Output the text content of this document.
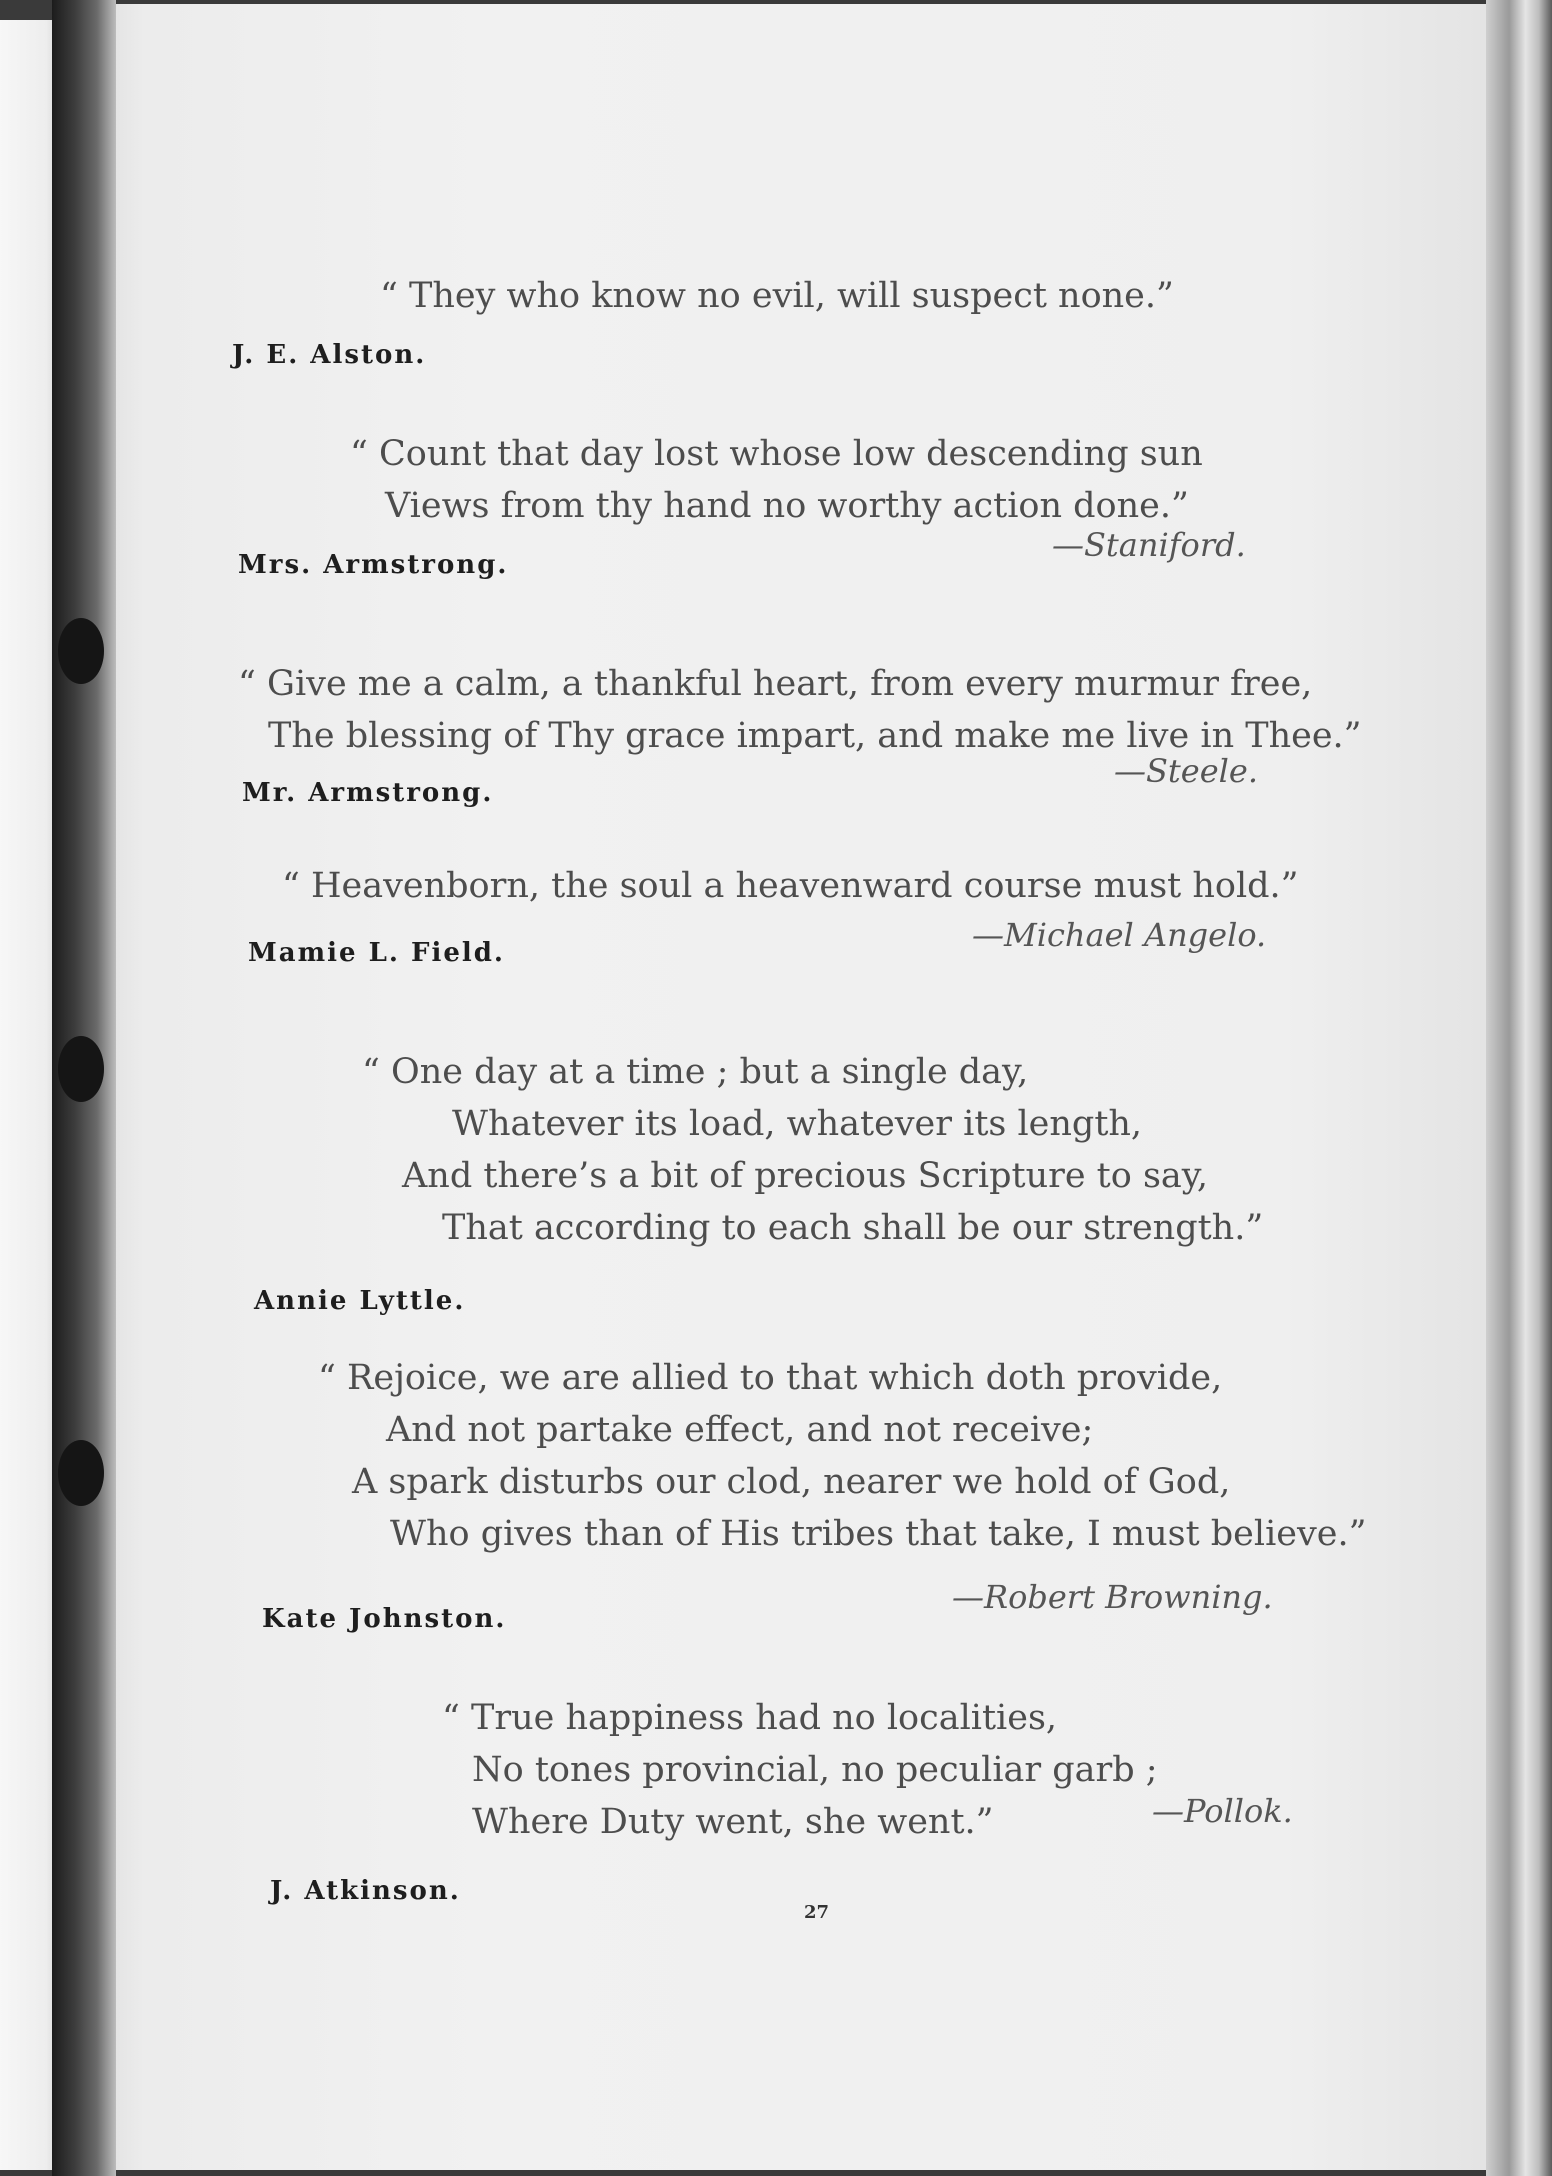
“ They who know no evil, will suspect none.”

J. E. Alston.

“ Count that day lost whose low descending sun
Views from thy hand no worthy action done.”

—Staniford.

Mrs. Armstrong.

“ Give me a calm, a thankful heart, from every murmur free,
The blessing of Thy grace impart, and make me live in Thee.”

—Steele.

Mr. Armstrong.

“ Heavenborn, the soul a heavenward course must hold.”

—Michael Angelo.

Mamie L. Field.

“ One day at a time ; but a single day,
Whatever its load, whatever its length,
And there’s a bit of precious Scripture to say,
That according to each shall be our strength.”

Annie Lyttle.

“ Rejoice, we are allied to that which doth provide,
And not partake effect, and not receive;
A spark disturbs our clod, nearer we hold of God,
Who gives than of His tribes that take, I must believe.”

—Robert Browning.

Kate Johnston.

“ True happiness had no localities,
No tones provincial, no peculiar garb ;
Where Duty went, she went.”	—Pollok.

J. Atkinson.

27
